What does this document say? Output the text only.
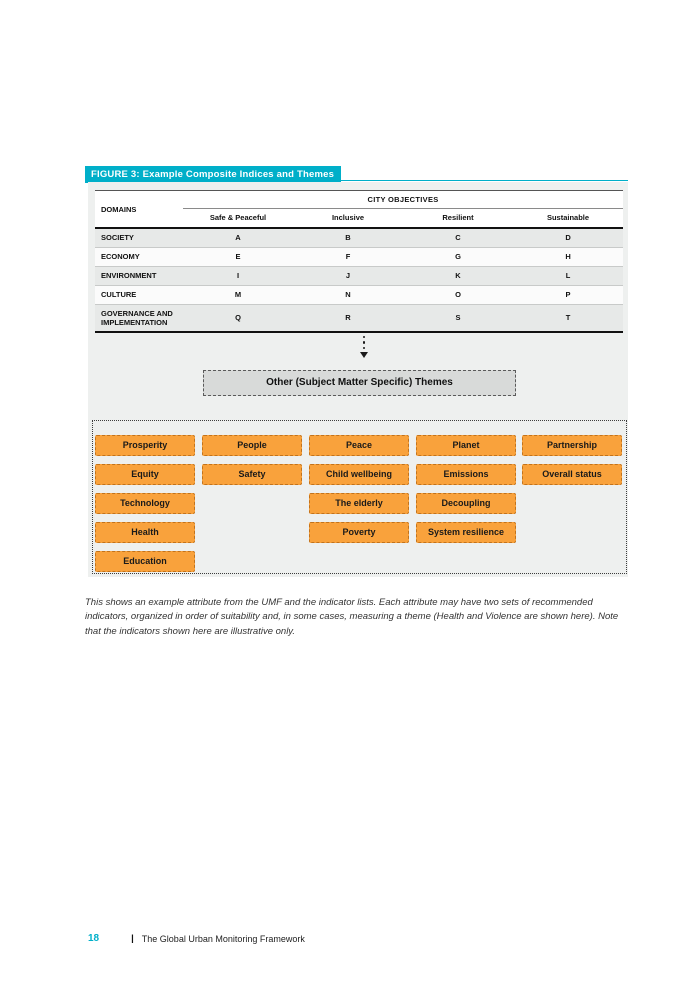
FIGURE 3: Example Composite Indices and Themes
DOMAINS	CITY OBJECTIVES			
	Safe & Peaceful	Inclusive	Resilient	Sustainable
SOCIETY	A	B	C	D
ECONOMY	E	F	G	H
ENVIRONMENT	I	J	K	L
CULTURE	M	N	O	P
GOVERNANCE AND IMPLEMENTATION	Q	R	S	T
Other (Subject Matter Specific) Themes
Prosperity
Equity
Technology
Health
Education
People
Safety
Peace
Child wellbeing
The elderly
Poverty
Planet
Emissions
Decoupling
System resilience
Partnership
Overall status
This shows an example attribute from the UMF and the indicator lists. Each attribute may have two sets of recommended indicators, organized in order of suitability and, in some cases, measuring a theme (Health and Violence are shown here). Note that the indicators shown here are illustrative only.
18	| The Global Urban Monitoring Framework
